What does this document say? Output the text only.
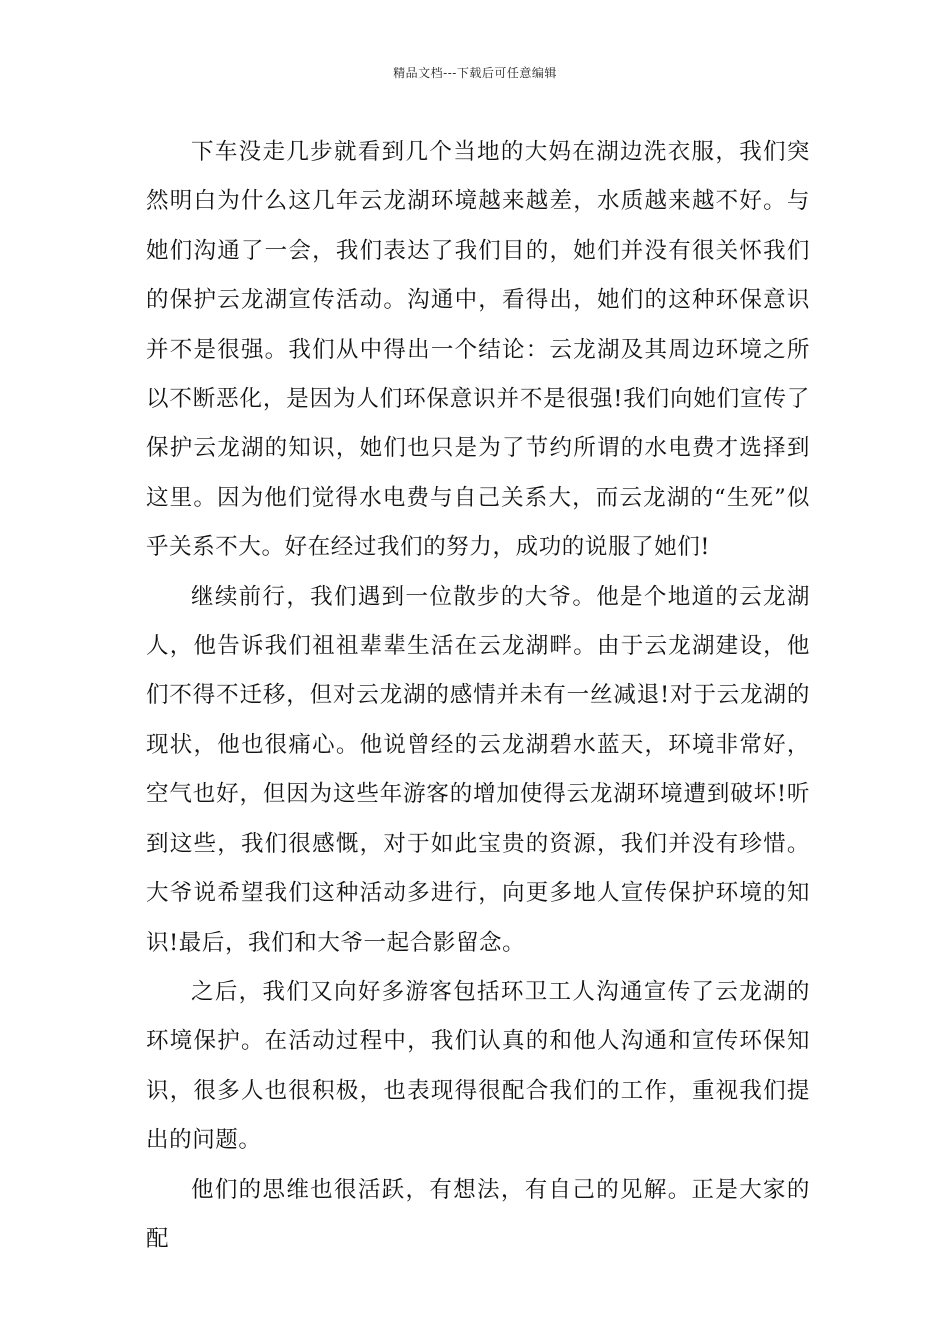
精品文档---下载后可任意编辑

下车没走几步就看到几个当地的大妈在湖边洗衣服，我们突然明白为什么这几年云龙湖环境越来越差，水质越来越不好。与她们沟通了一会，我们表达了我们目的，她们并没有很关怀我们的保护云龙湖宣传活动。沟通中，看得出，她们的这种环保意识并不是很强。我们从中得出一个结论：云龙湖及其周边环境之所以不断恶化，是因为人们环保意识并不是很强!我们向她们宣传了保护云龙湖的知识，她们也只是为了节约所谓的水电费才选择到这里。因为他们觉得水电费与自己关系大，而云龙湖的“生死”似乎关系不大。好在经过我们的努力，成功的说服了她们!

继续前行，我们遇到一位散步的大爷。他是个地道的云龙湖人，他告诉我们祖祖辈辈生活在云龙湖畔。由于云龙湖建设，他们不得不迁移，但对云龙湖的感情并未有一丝减退!对于云龙湖的现状，他也很痛心。他说曾经的云龙湖碧水蓝天，环境非常好，空气也好，但因为这些年游客的增加使得云龙湖环境遭到破坏!听到这些，我们很感慨，对于如此宝贵的资源，我们并没有珍惜。大爷说希望我们这种活动多进行，向更多地人宣传保护环境的知识!最后，我们和大爷一起合影留念。

之后，我们又向好多游客包括环卫工人沟通宣传了云龙湖的环境保护。在活动过程中，我们认真的和他人沟通和宣传环保知识，很多人也很积极，也表现得很配合我们的工作，重视我们提出的问题。

他们的思维也很活跃，有想法，有自己的见解。正是大家的配
